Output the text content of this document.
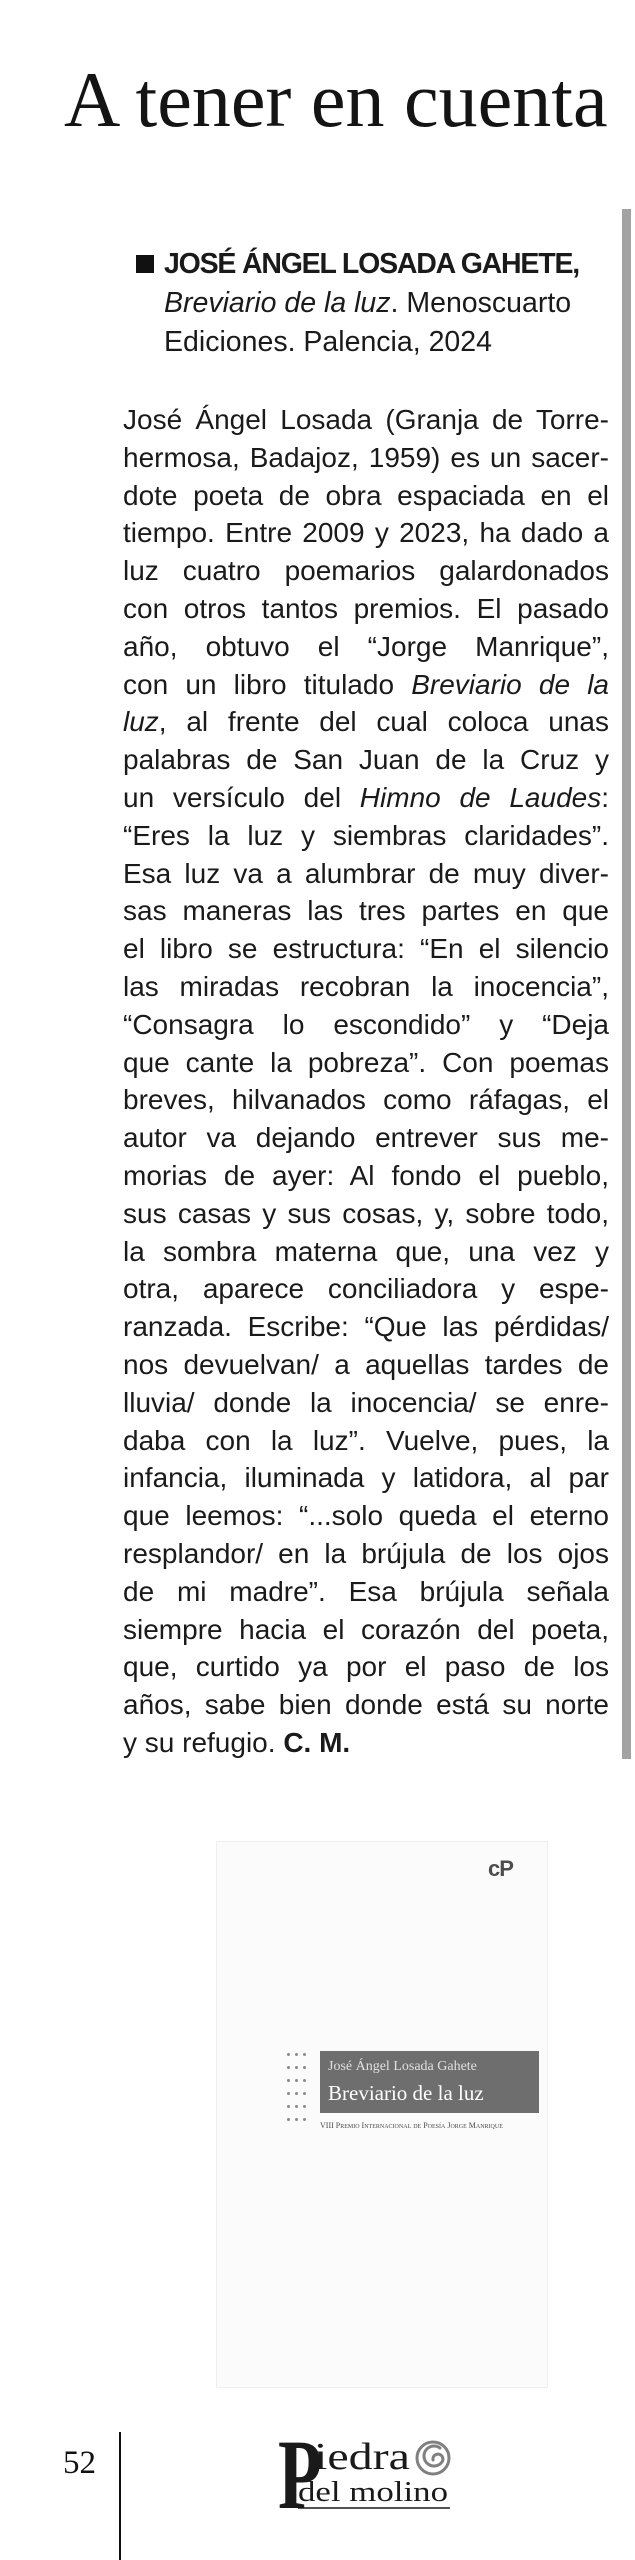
A tener en cuenta
JOSÉ ÁNGEL LOSADA GAHETE,
Breviario de la luz. Menoscuarto
Ediciones. Palencia, 2024
José Ángel Losada (Granja de Torre-
hermosa, Badajoz, 1959) es un sacer-
dote poeta de obra espaciada en el
tiempo. Entre 2009 y 2023, ha dado a
luz cuatro poemarios galardonados
con otros tantos premios. El pasado
año, obtuvo el “Jorge Manrique”,
con un libro titulado Breviario de la
luz, al frente del cual coloca unas
palabras de San Juan de la Cruz y
un versículo del Himno de Laudes:
“Eres la luz y siembras claridades”.
Esa luz va a alumbrar de muy diver-
sas maneras las tres partes en que
el libro se estructura: “En el silencio
las miradas recobran la inocencia”,
“Consagra lo escondido” y “Deja
que cante la pobreza”. Con poemas
breves, hilvanados como ráfagas, el
autor va dejando entrever sus me-
morias de ayer: Al fondo el pueblo,
sus casas y sus cosas, y, sobre todo,
la sombra materna que, una vez y
otra, aparece conciliadora y espe-
ranzada. Escribe: “Que las pérdidas/
nos devuelvan/ a aquellas tardes de
lluvia/ donde la inocencia/ se enre-
daba con la luz”. Vuelve, pues, la
infancia, iluminada y latidora, al par
que leemos: “...solo queda el eterno
resplandor/ en la brújula de los ojos
de mi madre”. Esa brújula señala
siempre hacia el corazón del poeta,
que, curtido ya por el paso de los
años, sabe bien donde está su norte
y su refugio. C. M.
cP
José Ángel Losada Gahete
Breviario de la luz
VIII Premio Internacional de Poesía Jorge Manrique
52 P
iedra
del molino
